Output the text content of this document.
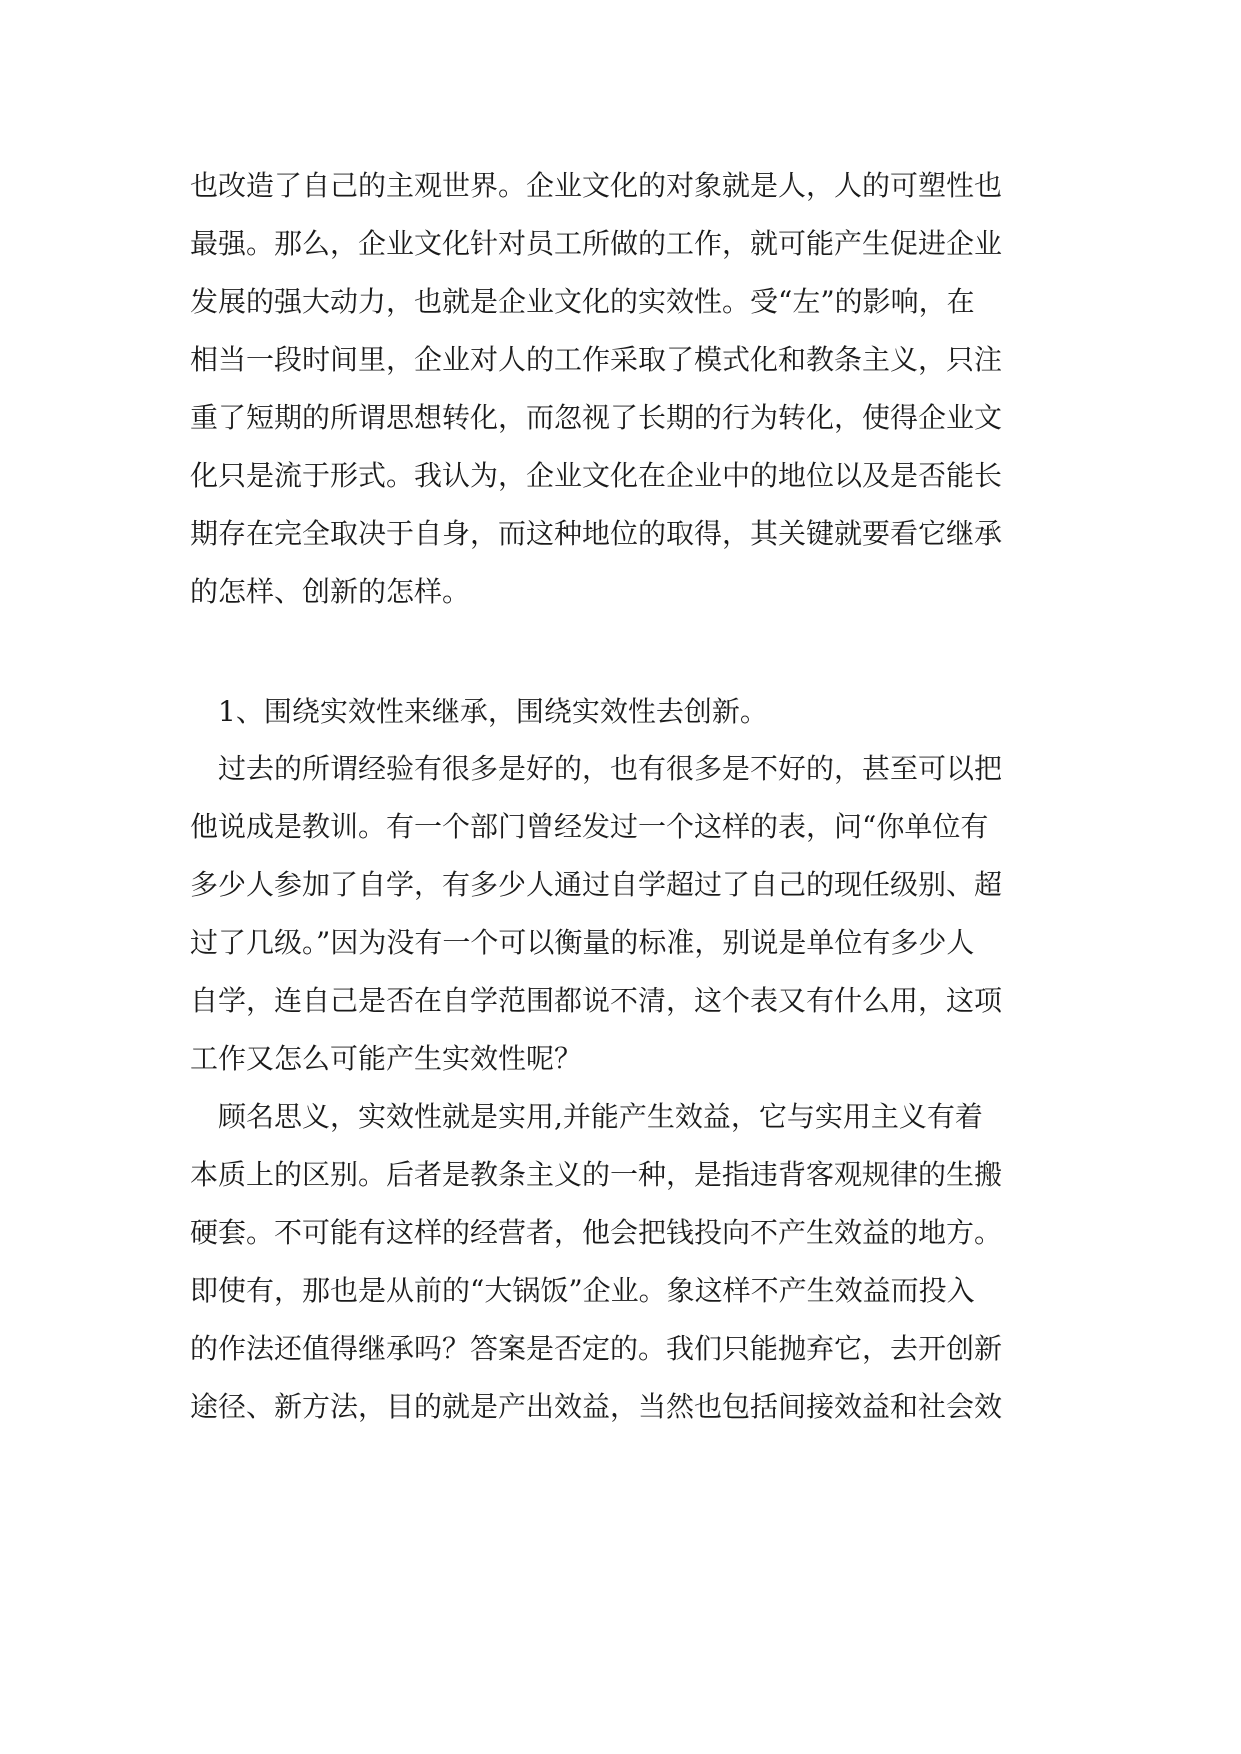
也改造了自己的主观世界。企业文化的对象就是人，人的可塑性也
最强。那么，企业文化针对员工所做的工作，就可能产生促进企业
发展的强大动力，也就是企业文化的实效性。受“左”的影响，在
相当一段时间里，企业对人的工作采取了模式化和教条主义，只注
重了短期的所谓思想转化，而忽视了长期的行为转化，使得企业文
化只是流于形式。我认为，企业文化在企业中的地位以及是否能长
期存在完全取决于自身，而这种地位的取得，其关键就要看它继承
的怎样、创新的怎样。
1、围绕实效性来继承，围绕实效性去创新。
过去的所谓经验有很多是好的，也有很多是不好的，甚至可以把
他说成是教训。有一个部门曾经发过一个这样的表，问“你单位有
多少人参加了自学，有多少人通过自学超过了自己的现任级别、超
过了几级。”因为没有一个可以衡量的标准，别说是单位有多少人
自学，连自己是否在自学范围都说不清，这个表又有什么用，这项
工作又怎么可能产生实效性呢？
顾名思义，实效性就是实用,并能产生效益，它与实用主义有着
本质上的区别。后者是教条主义的一种，是指违背客观规律的生搬
硬套。不可能有这样的经营者，他会把钱投向不产生效益的地方。
即使有，那也是从前的“大锅饭”企业。象这样不产生效益而投入
的作法还值得继承吗？答案是否定的。我们只能抛弃它，去开创新
途径、新方法，目的就是产出效益，当然也包括间接效益和社会效
